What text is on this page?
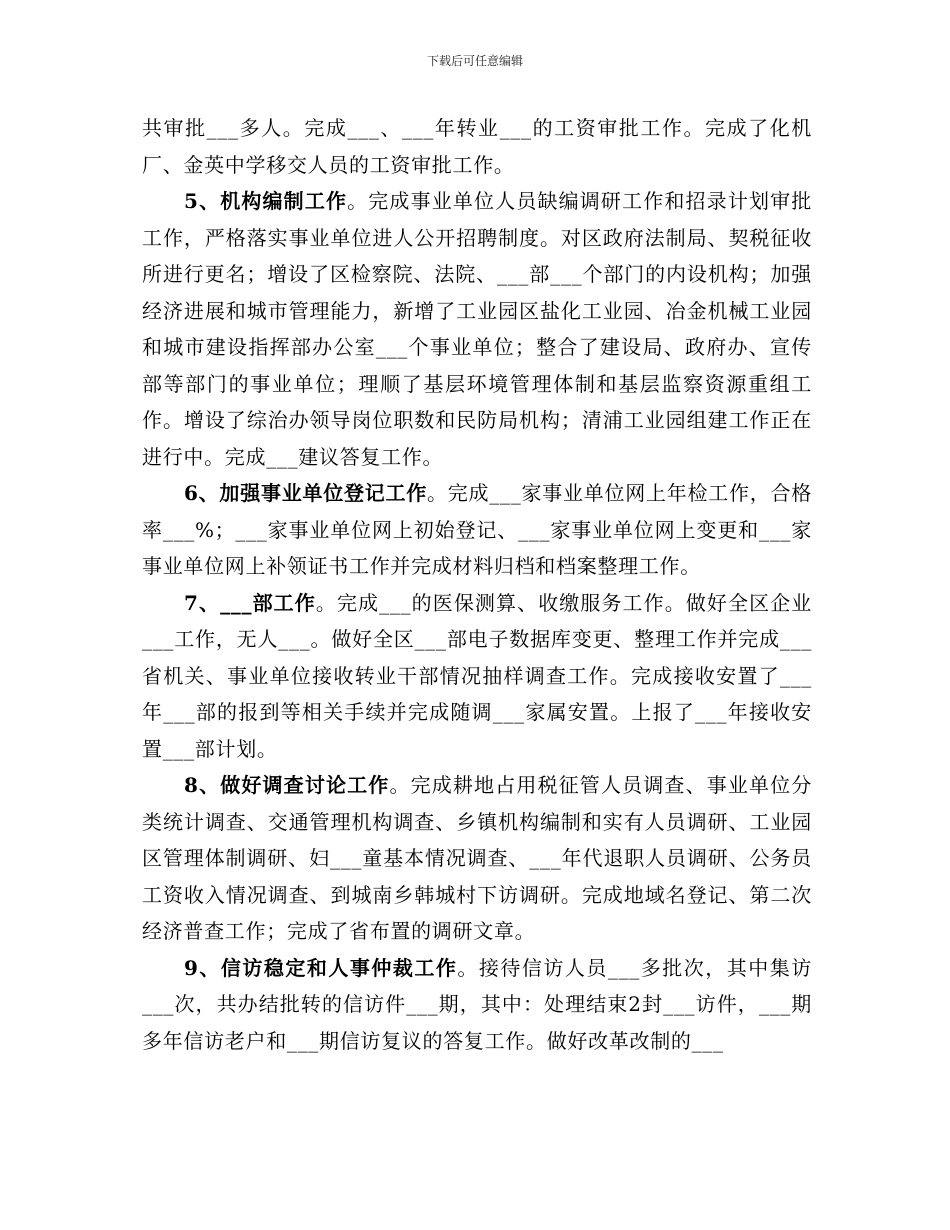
下载后可任意编辑

共审批___多人。完成___、___年转业___的工资审批工作。完成了化机厂、金英中学移交人员的工资审批工作。

5、机构编制工作。完成事业单位人员缺编调研工作和招录计划审批工作，严格落实事业单位进人公开招聘制度。对区政府法制局、契税征收所进行更名；增设了区检察院、法院、___部___个部门的内设机构；加强经济进展和城市管理能力，新增了工业园区盐化工业园、冶金机械工业园和城市建设指挥部办公室___个事业单位；整合了建设局、政府办、宣传部等部门的事业单位；理顺了基层环境管理体制和基层监察资源重组工作。增设了综治办领导岗位职数和民防局机构；清浦工业园组建工作正在进行中。完成___建议答复工作。

6、加强事业单位登记工作。完成___家事业单位网上年检工作，合格率___%；___家事业单位网上初始登记、___家事业单位网上变更和___家事业单位网上补领证书工作并完成材料归档和档案整理工作。

7、___部工作。完成___的医保测算、收缴服务工作。做好全区企业___工作，无人___。做好全区___部电子数据库变更、整理工作并完成___省机关、事业单位接收转业干部情况抽样调查工作。完成接收安置了___年___部的报到等相关手续并完成随调___家属安置。上报了___年接收安置___部计划。

8、做好调查讨论工作。完成耕地占用税征管人员调查、事业单位分类统计调查、交通管理机构调查、乡镇机构编制和实有人员调研、工业园区管理体制调研、妇___童基本情况调查、___年代退职人员调研、公务员工资收入情况调查、到城南乡韩城村下访调研。完成地域名登记、第二次经济普查工作；完成了省布置的调研文章。

9、信访稳定和人事仲裁工作。接待信访人员___多批次，其中集访___次，共办结批转的信访件___期，其中：处理结束2封___访件，___期多年信访老户和___期信访复议的答复工作。做好改革改制的___
